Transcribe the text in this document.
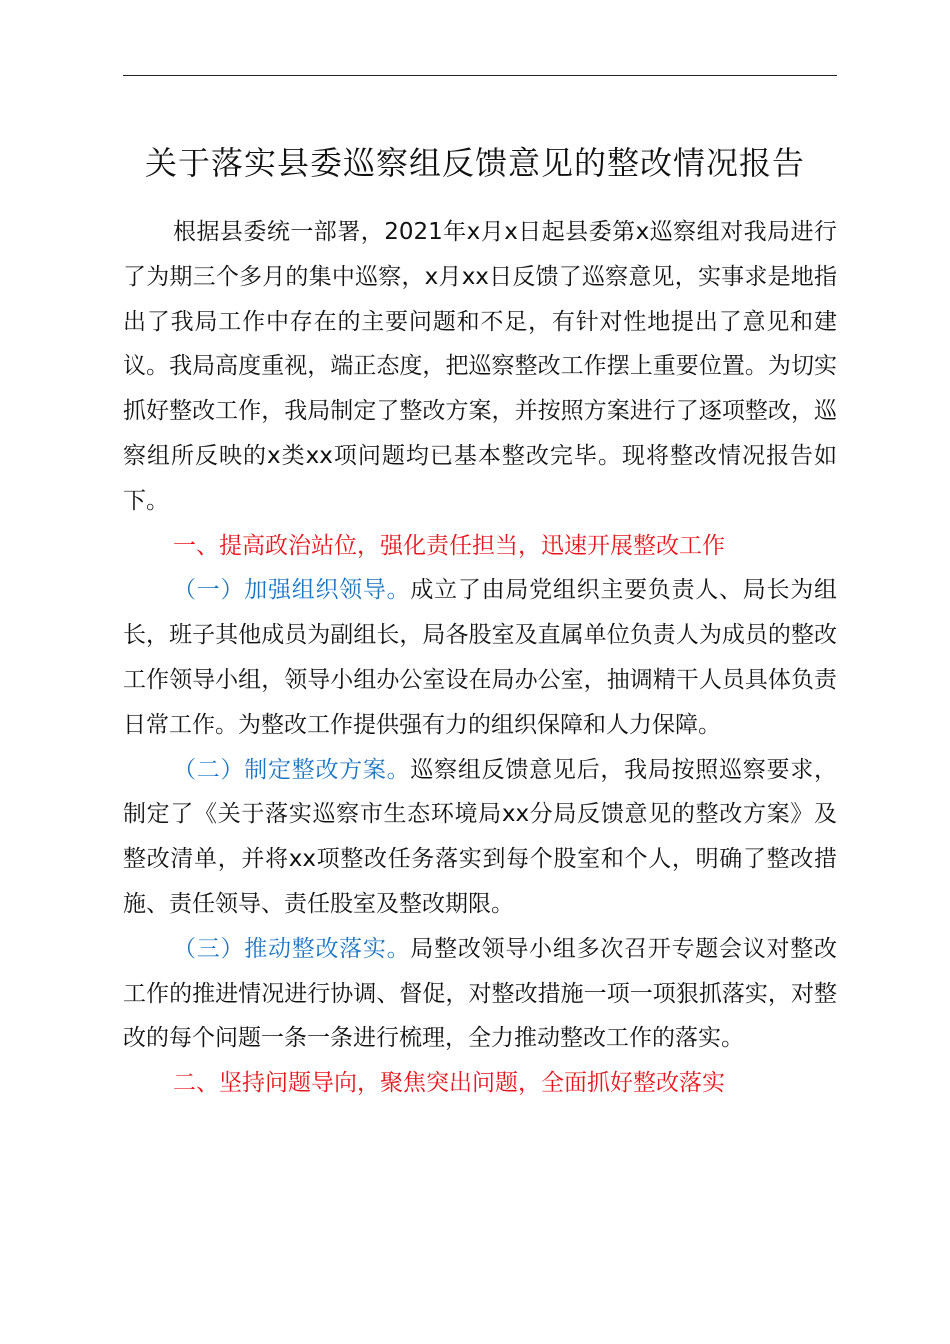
关于落实县委巡察组反馈意见的整改情况报告

根据县委统一部署，2021年x月x日起县委第x巡察组对我局进行了为期三个多月的集中巡察，x月xx日反馈了巡察意见，实事求是地指出了我局工作中存在的主要问题和不足，有针对性地提出了意见和建议。我局高度重视，端正态度，把巡察整改工作摆上重要位置。为切实抓好整改工作，我局制定了整改方案，并按照方案进行了逐项整改，巡察组所反映的x类xx项问题均已基本整改完毕。现将整改情况报告如下。

一、提高政治站位，强化责任担当，迅速开展整改工作

（一）加强组织领导。成立了由局党组织主要负责人、局长为组长，班子其他成员为副组长，局各股室及直属单位负责人为成员的整改工作领导小组，领导小组办公室设在局办公室，抽调精干人员具体负责日常工作。为整改工作提供强有力的组织保障和人力保障。

（二）制定整改方案。巡察组反馈意见后，我局按照巡察要求，制定了《关于落实巡察市生态环境局xx分局反馈意见的整改方案》及整改清单，并将xx项整改任务落实到每个股室和个人，明确了整改措施、责任领导、责任股室及整改期限。

（三）推动整改落实。局整改领导小组多次召开专题会议对整改工作的推进情况进行协调、督促，对整改措施一项一项狠抓落实，对整改的每个问题一条一条进行梳理，全力推动整改工作的落实。

二、坚持问题导向，聚焦突出问题，全面抓好整改落实
